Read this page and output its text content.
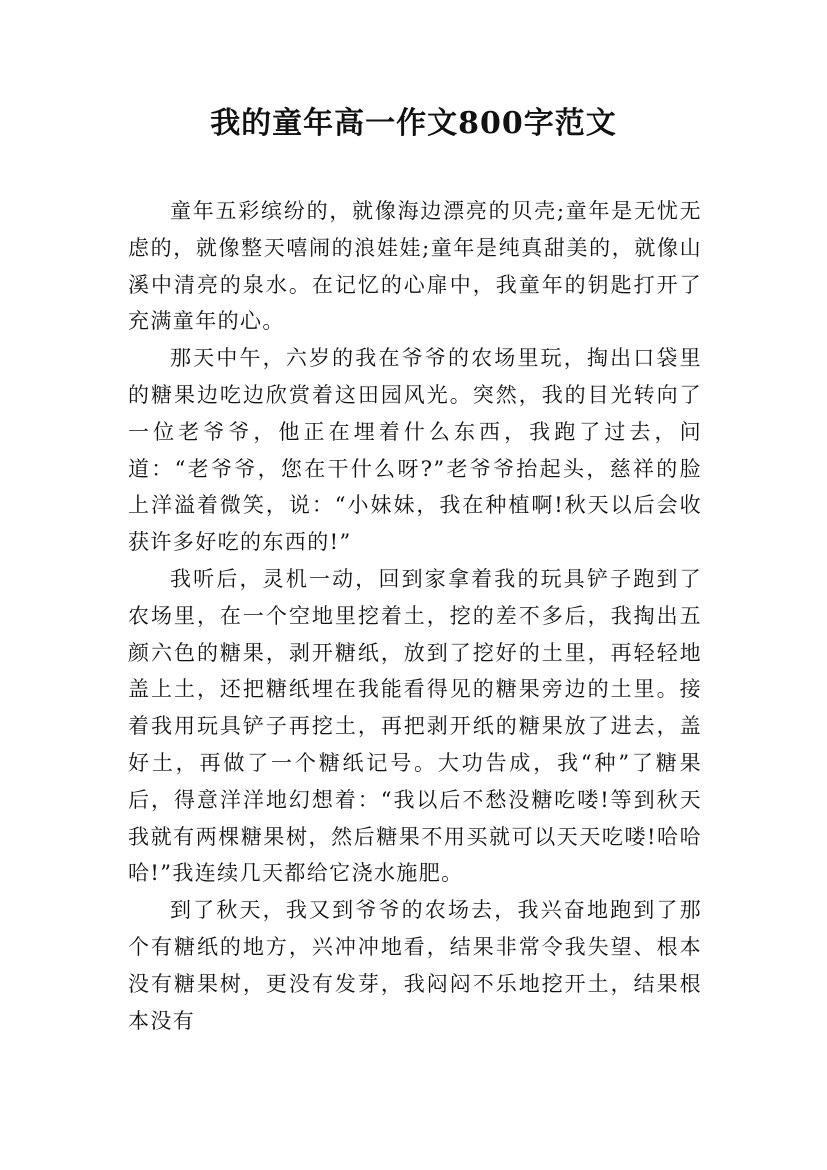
我的童年高一作文800字范文

童年五彩缤纷的，就像海边漂亮的贝壳;童年是无忧无虑的，就像整天嘻闹的浪娃娃;童年是纯真甜美的，就像山溪中清亮的泉水。在记忆的心扉中，我童年的钥匙打开了充满童年的心。

那天中午，六岁的我在爷爷的农场里玩，掏出口袋里的糖果边吃边欣赏着这田园风光。突然，我的目光转向了一位老爷爷，他正在埋着什么东西，我跑了过去，问道：“老爷爷，您在干什么呀?”老爷爷抬起头，慈祥的脸上洋溢着微笑，说：“小妹妹，我在种植啊!秋天以后会收获许多好吃的东西的!”

我听后，灵机一动，回到家拿着我的玩具铲子跑到了农场里，在一个空地里挖着土，挖的差不多后，我掏出五颜六色的糖果，剥开糖纸，放到了挖好的土里，再轻轻地盖上土，还把糖纸埋在我能看得见的糖果旁边的土里。接着我用玩具铲子再挖土，再把剥开纸的糖果放了进去，盖好土，再做了一个糖纸记号。大功告成，我“种”了糖果后，得意洋洋地幻想着：“我以后不愁没糖吃喽!等到秋天我就有两棵糖果树，然后糖果不用买就可以天天吃喽!哈哈哈!”我连续几天都给它浇水施肥。

到了秋天，我又到爷爷的农场去，我兴奋地跑到了那个有糖纸的地方，兴冲冲地看，结果非常令我失望、根本没有糖果树，更没有发芽，我闷闷不乐地挖开土，结果根本没有
